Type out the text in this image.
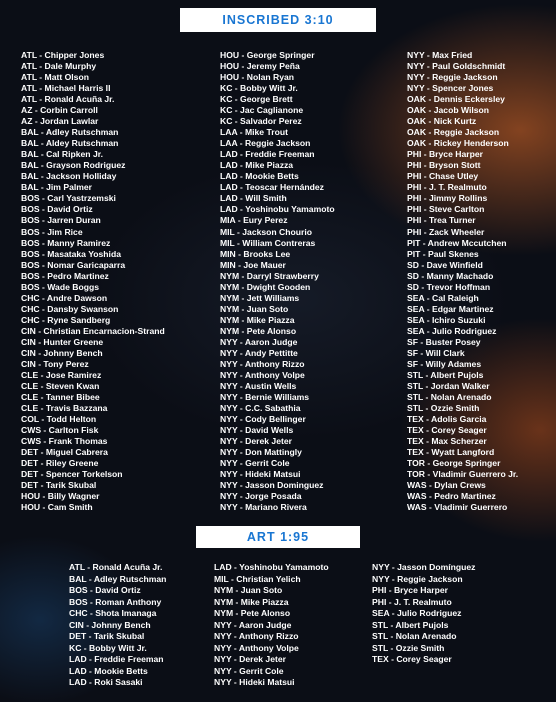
INSCRIBED 3:10
ATL - Chipper Jones
ATL - Dale Murphy
ATL - Matt Olson
ATL - Michael Harris II
ATL - Ronald Acuña Jr.
AZ - Corbin Carroll
AZ - Jordan Lawlar
BAL - Adley Rutschman
BAL - Aldey Rutschman
BAL - Cal Ripken Jr.
BAL - Grayson Rodriguez
BAL - Jackson Holliday
BAL - Jim Palmer
BOS - Carl Yastrzemski
BOS - David Ortiz
BOS - Jarren Duran
BOS - Jim Rice
BOS - Manny Ramirez
BOS - Masataka Yoshida
BOS - Nomar Garicaparra
BOS - Pedro Martinez
BOS - Wade Boggs
CHC - Andre Dawson
CHC - Dansby Swanson
CHC - Ryne Sandberg
CIN - Christian Encarnacion-Strand
CIN - Hunter Greene
CIN - Johnny Bench
CIN - Tony Perez
CLE - Jose Ramirez
CLE - Steven Kwan
CLE - Tanner Bibee
CLE - Travis Bazzana
COL - Todd Helton
CWS - Carlton Fisk
CWS - Frank Thomas
DET - Miguel Cabrera
DET - Riley Greene
DET - Spencer Torkelson
DET - Tarik Skubal
HOU - Billy Wagner
HOU - Cam Smith
HOU - George Springer
HOU - Jeremy Peña
HOU - Nolan Ryan
KC - Bobby Witt Jr.
KC - George Brett
KC - Jac Caglianone
KC - Salvador Perez
LAA - Mike Trout
LAA - Reggie Jackson
LAD - Freddie Freeman
LAD - Mike Piazza
LAD - Mookie Betts
LAD - Teoscar Hernández
LAD - Will Smith
LAD - Yoshinobu Yamamoto
MIA - Eury Perez
MIL - Jackson Chourio
MIL - William Contreras
MIN - Brooks Lee
MIN - Joe Mauer
NYM - Darryl Strawberry
NYM - Dwight Gooden
NYM - Jett Williams
NYM - Juan Soto
NYM - Mike Piazza
NYM - Pete Alonso
NYY - Aaron Judge
NYY - Andy Pettitte
NYY - Anthony Rizzo
NYY - Anthony Volpe
NYY - Austin Wells
NYY - Bernie Williams
NYY - C.C. Sabathia
NYY - Cody Bellinger
NYY - David Wells
NYY - Derek Jeter
NYY - Don Mattingly
NYY - Gerrit Cole
NYY - Hideki Matsui
NYY - Jasson Dominguez
NYY - Jorge Posada
NYY - Mariano Rivera
NYY - Max Fried
NYY - Paul Goldschmidt
NYY - Reggie Jackson
NYY - Spencer Jones
OAK - Dennis Eckersley
OAK - Jacob Wilson
OAK - Nick Kurtz
OAK - Reggie Jackson
OAK - Rickey Henderson
PHI - Bryce Harper
PHI - Bryson Stott
PHI - Chase Utley
PHI - J. T. Realmuto
PHI - Jimmy Rollins
PHI - Steve Carlton
PHI - Trea Turner
PHI - Zack Wheeler
PIT - Andrew Mccutchen
PIT - Paul Skenes
SD - Dave Winfield
SD - Manny Machado
SD - Trevor Hoffman
SEA - Cal Raleigh
SEA - Edgar Martinez
SEA - Ichiro Suzuki
SEA - Julio Rodriguez
SF - Buster Posey
SF - Will Clark
SF - Willy Adames
STL - Albert Pujols
STL - Jordan Walker
STL - Nolan Arenado
STL - Ozzie Smith
TEX - Adolis Garcia
TEX - Corey Seager
TEX - Max Scherzer
TEX - Wyatt Langford
TOR - George Springer
TOR - Vladimir Guerrero Jr.
WAS - Dylan Crews
WAS - Pedro Martinez
WAS - Vladimir Guerrero
ART 1:95
ATL - Ronald Acuña Jr.
BAL - Adley Rutschman
BOS - David Ortiz
BOS - Roman Anthony
CHC - Shota Imanaga
CIN - Johnny Bench
DET - Tarik Skubal
KC - Bobby Witt Jr.
LAD - Freddie Freeman
LAD - Mookie Betts
LAD - Roki Sasaki
LAD - Yoshinobu Yamamoto
MIL - Christian Yelich
NYM - Juan Soto
NYM - Mike Piazza
NYM - Pete Alonso
NYY - Aaron Judge
NYY - Anthony Rizzo
NYY - Anthony Volpe
NYY - Derek Jeter
NYY - Gerrit Cole
NYY - Hideki Matsui
NYY - Jasson Domínguez
NYY - Reggie Jackson
PHI - Bryce Harper
PHI - J. T. Realmuto
SEA - Julio Rodriguez
STL - Albert Pujols
STL - Nolan Arenado
STL - Ozzie Smith
TEX - Corey Seager
